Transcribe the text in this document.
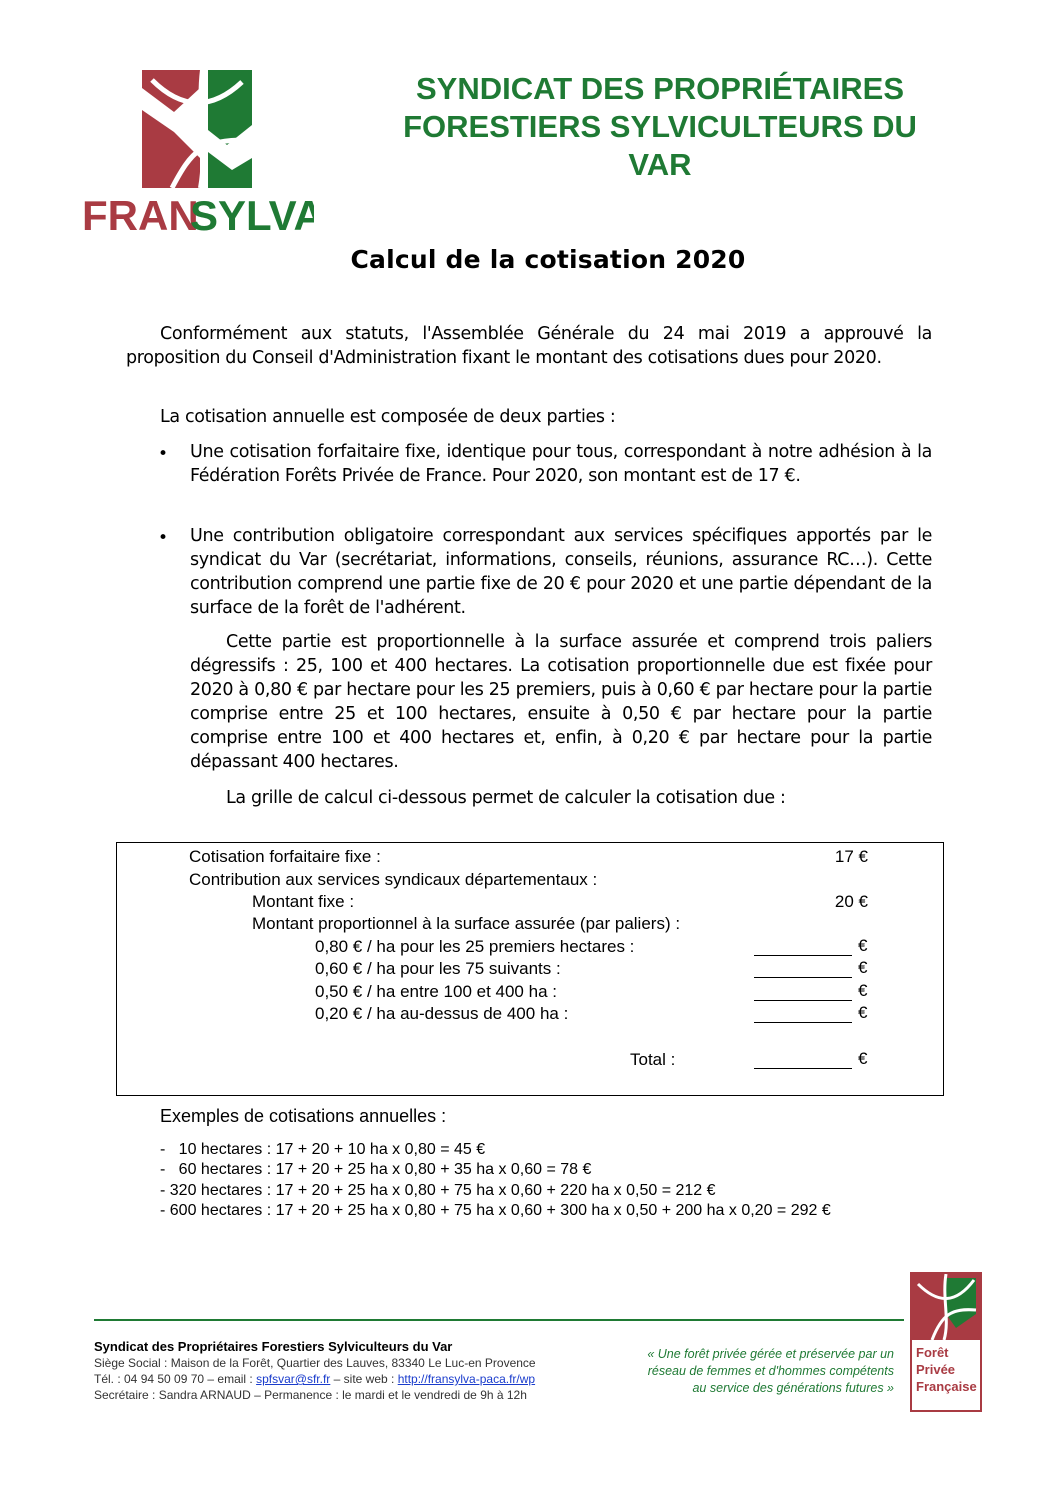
FRAN
SYLVA
SYNDICAT DES PROPRIÉTAIRES
FORESTIERS SYLVICULTEURS DU VAR
Calcul de la cotisation 2020
Conformément aux statuts, l'Assemblée Générale du 24 mai 2019 a approuvé la proposition du Conseil d'Administration fixant le montant des cotisations dues pour 2020.
La cotisation annuelle est composée de deux parties :
• Une cotisation forfaitaire fixe, identique pour tous, correspondant à notre adhésion à la Fédération Forêts Privée de France. Pour 2020, son montant est de 17 €.
• Une contribution obligatoire correspondant aux services spécifiques apportés par le syndicat du Var (secrétariat, informations, conseils, réunions, assurance RC…). Cette contribution comprend une partie fixe de 20 € pour 2020 et une partie dépendant de la surface de la forêt de l'adhérent.
Cette partie est proportionnelle à la surface assurée et comprend trois paliers dégressifs : 25, 100 et 400 hectares. La cotisation proportionnelle due est fixée pour 2020 à 0,80 € par hectare pour les 25 premiers, puis à 0,60 € par hectare pour la partie comprise entre 25 et 100 hectares, ensuite à 0,50 € par hectare pour la partie comprise entre 100 et 400 hectares et, enfin, à 0,20 € par hectare pour la partie dépassant 400 hectares.
La grille de calcul ci-dessous permet de calculer la cotisation due :
Cotisation forfaitaire fixe :	17 €
Contribution aux services syndicaux départementaux :
Montant fixe :	20 €
Montant proportionnel à la surface assurée (par paliers) :
0,80 € / ha pour les 25 premiers hectares :	€
0,60 € / ha pour les 75 suivants :	€
0,50 € / ha entre 100 et 400 ha :	€
0,20 € / ha au-dessus de 400 ha :	€
Total :	€
Exemples de cotisations annuelles :
-   10 hectares : 17 + 20 + 10 ha x 0,80 = 45 €
-   60 hectares : 17 + 20 + 25 ha x 0,80 + 35 ha x 0,60 = 78 €
- 320 hectares : 17 + 20 + 25 ha x 0,80 + 75 ha x 0,60 + 220 ha x 0,50 = 212 €
- 600 hectares : 17 + 20 + 25 ha x 0,80 + 75 ha x 0,60 + 300 ha x 0,50 + 200 ha x 0,20 = 292 €
Syndicat des Propriétaires Forestiers Sylviculteurs du Var
Siège Social : Maison de la Forêt, Quartier des Lauves, 83340 Le Luc-en Provence
Tél. : 04 94 50 09 70 – email : spfsvar@sfr.fr – site web : http://fransylva-paca.fr/wp
Secrétaire : Sandra ARNAUD – Permanence : le mardi et le vendredi de 9h à 12h
« Une forêt privée gérée et préservée par un
réseau de femmes et d'hommes compétents
au service des générations futures »
Forêt
Privée
Française
